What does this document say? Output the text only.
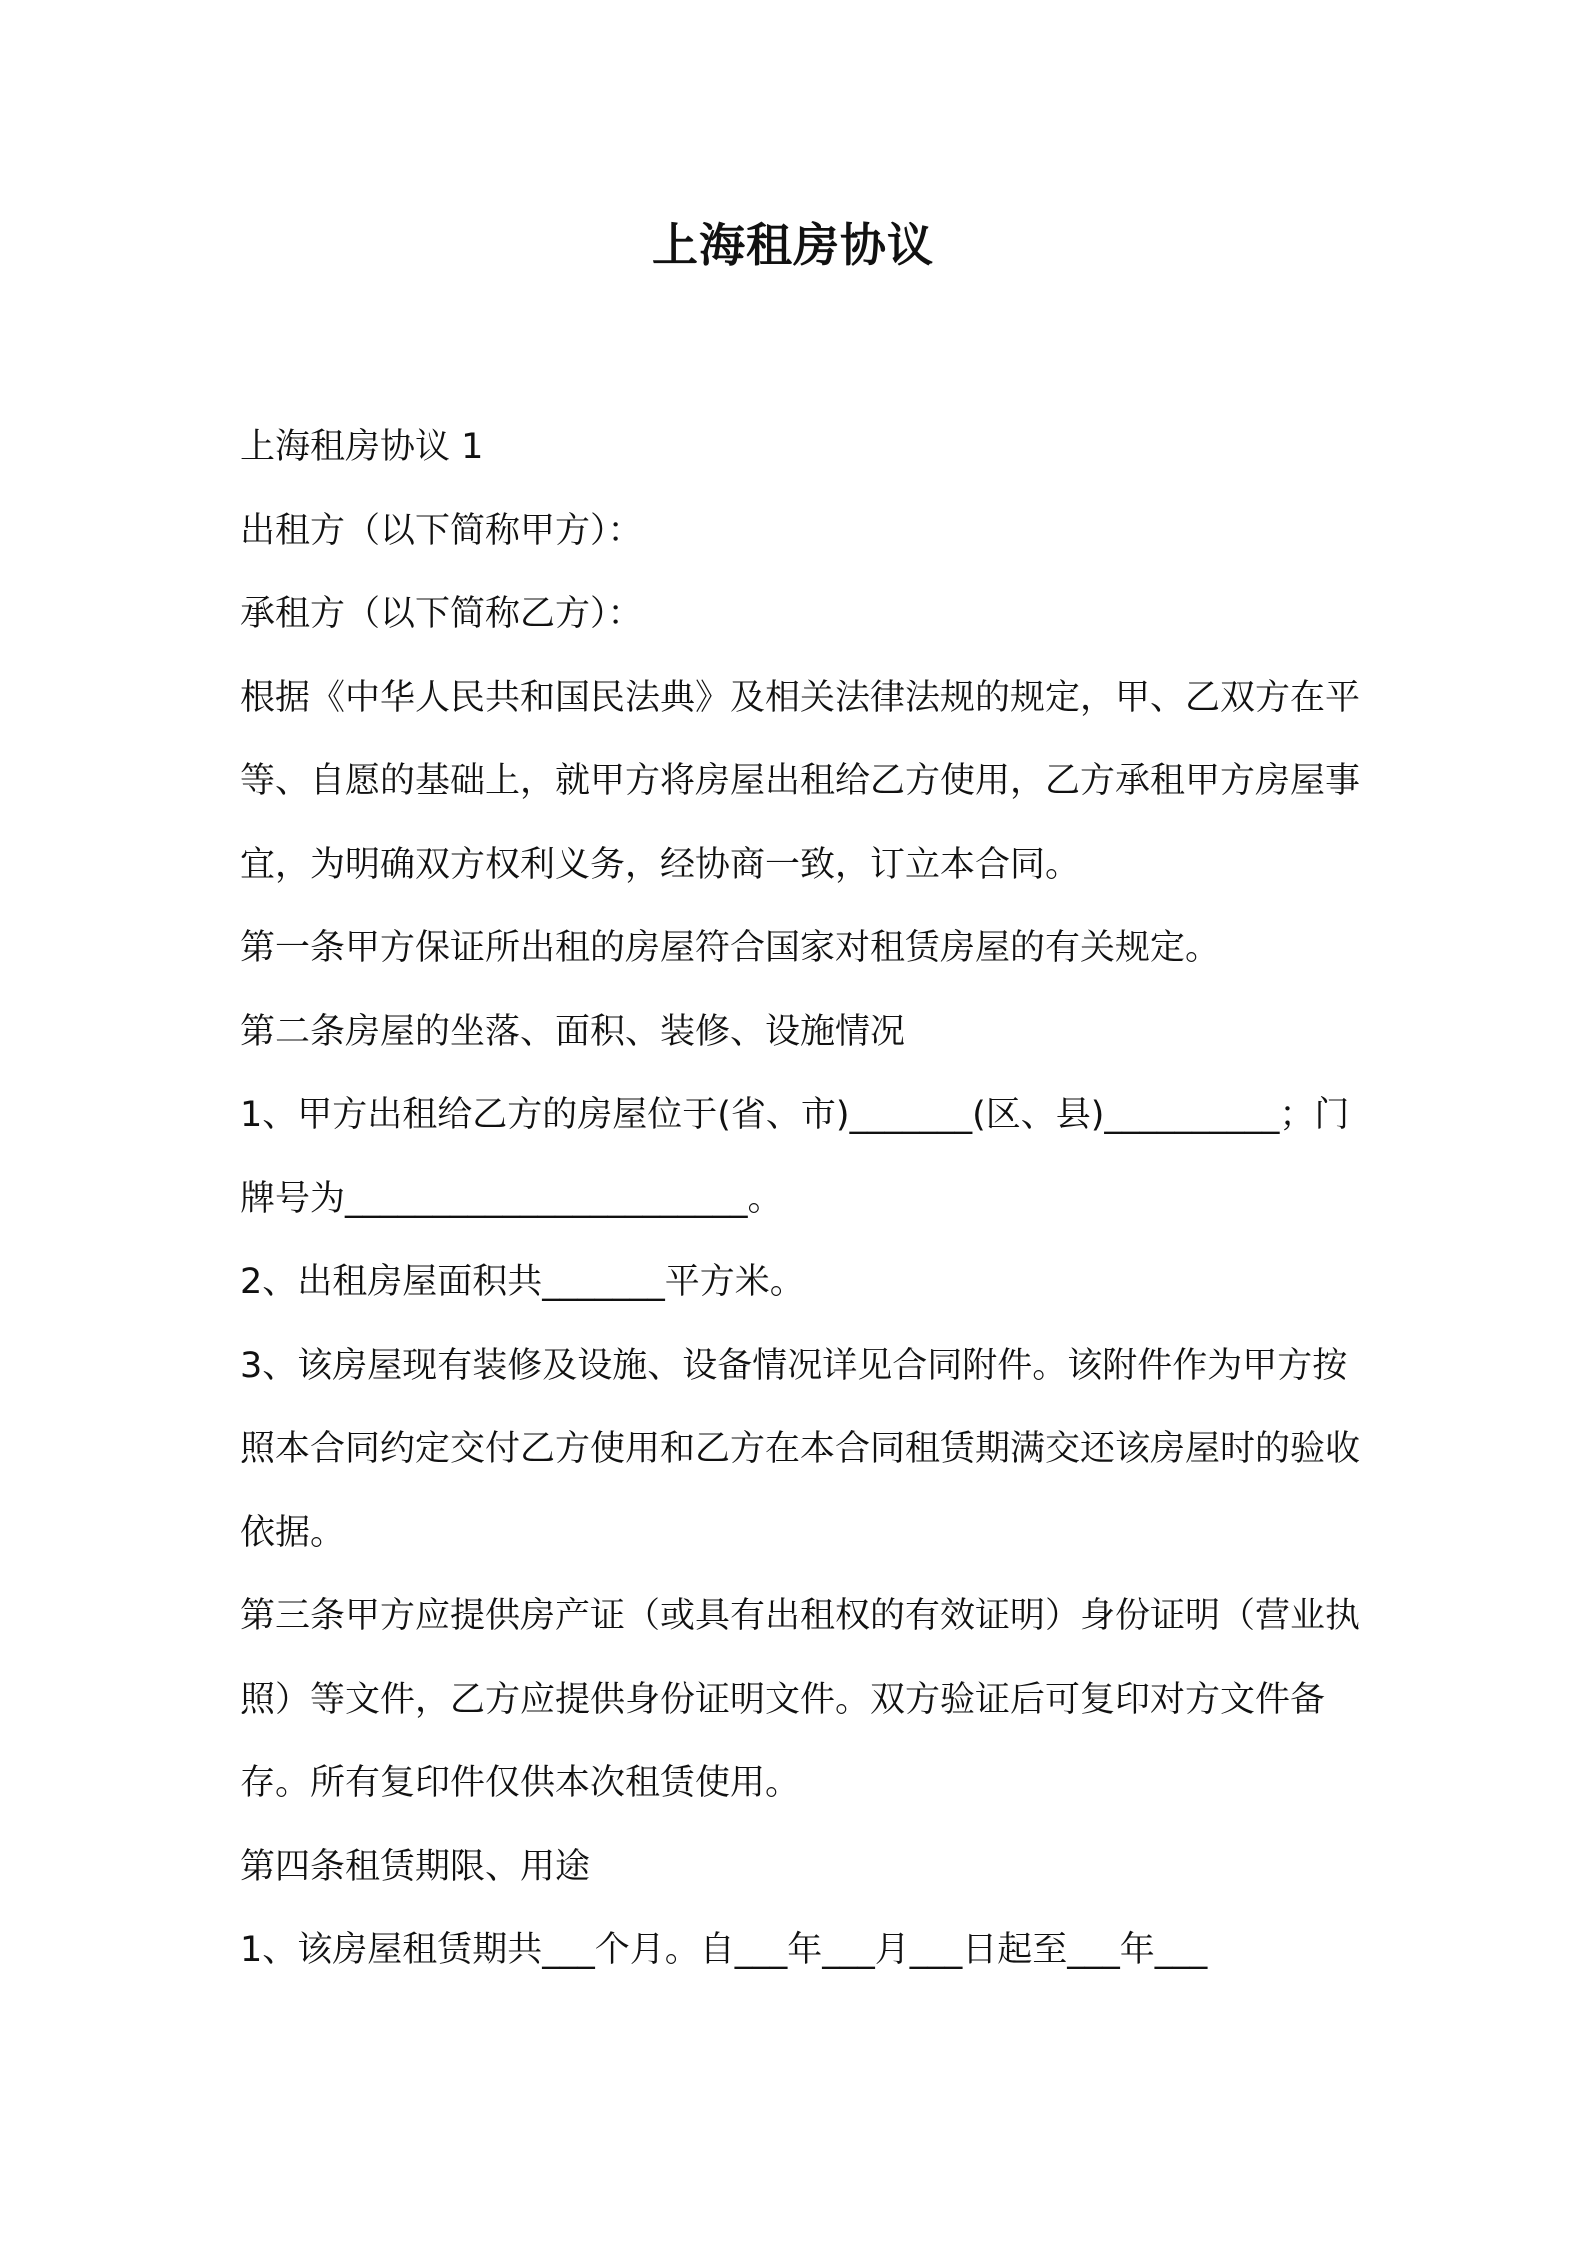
上海租房协议

上海租房协议 1

出租方（以下简称甲方）：

承租方（以下简称乙方）：

根据《中华人民共和国民法典》及相关法律法规的规定，甲、乙双方在平等、自愿的基础上，就甲方将房屋出租给乙方使用，乙方承租甲方房屋事宜，为明确双方权利义务，经协商一致，订立本合同。

第一条甲方保证所出租的房屋符合国家对租赁房屋的有关规定。

第二条房屋的坐落、面积、装修、设施情况

1、甲方出租给乙方的房屋位于(省、市)_______(区、县)__________；门牌号为_______________________。

2、出租房屋面积共_______平方米。

3、该房屋现有装修及设施、设备情况详见合同附件。该附件作为甲方按照本合同约定交付乙方使用和乙方在本合同租赁期满交还该房屋时的验收依据。

第三条甲方应提供房产证（或具有出租权的有效证明）身份证明（营业执照）等文件，乙方应提供身份证明文件。双方验证后可复印对方文件备存。所有复印件仅供本次租赁使用。

第四条租赁期限、用途

1、该房屋租赁期共___个月。自___年___月___日起至___年___
